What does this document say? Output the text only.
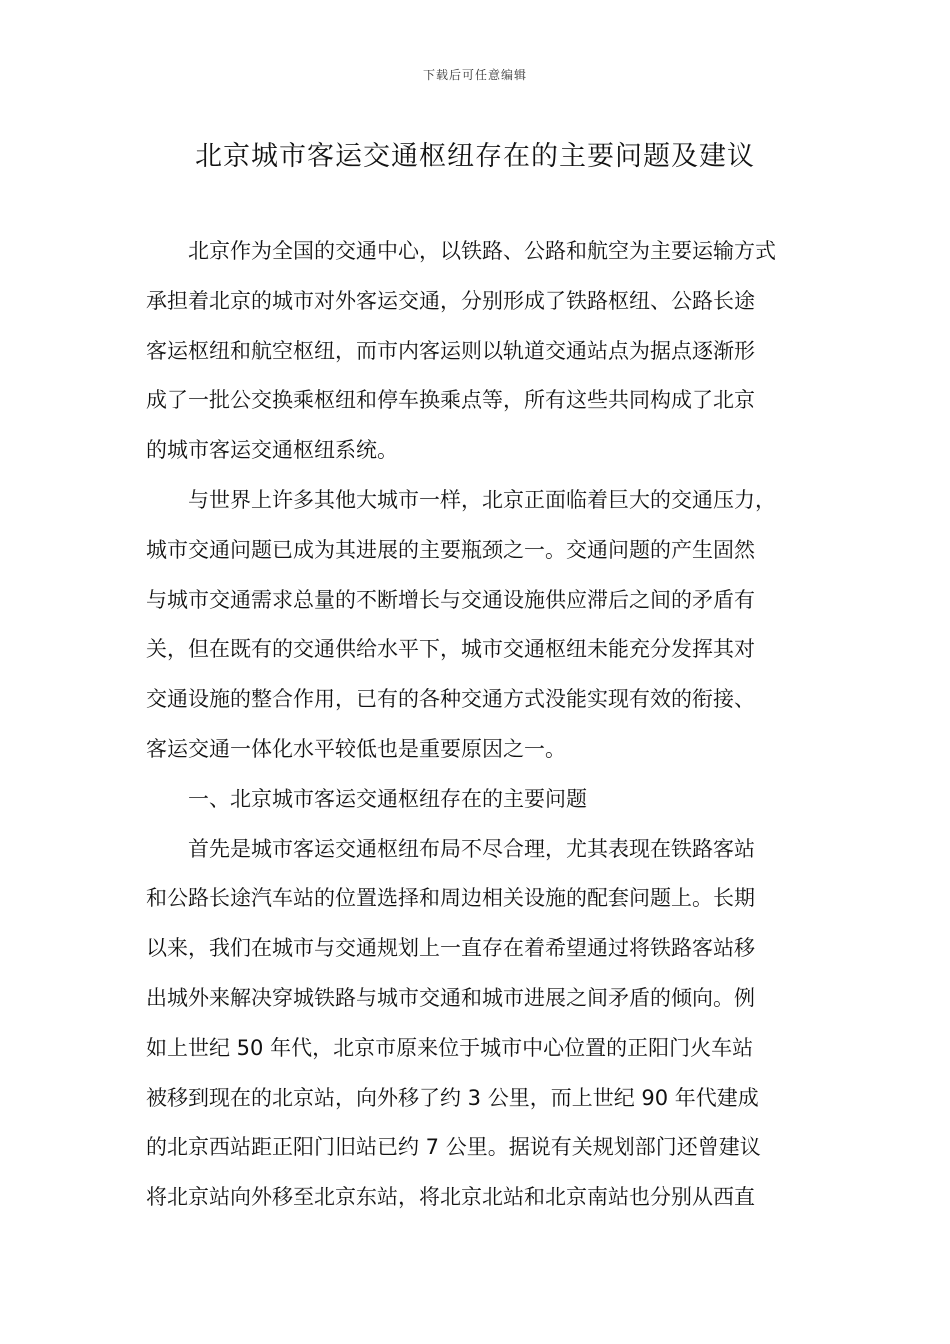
下载后可任意编辑
北京城市客运交通枢纽存在的主要问题及建议
北京作为全国的交通中心，以铁路、公路和航空为主要运输方式
承担着北京的城市对外客运交通，分别形成了铁路枢纽、公路长途
客运枢纽和航空枢纽，而市内客运则以轨道交通站点为据点逐渐形
成了一批公交换乘枢纽和停车换乘点等，所有这些共同构成了北京
的城市客运交通枢纽系统。
与世界上许多其他大城市一样，北京正面临着巨大的交通压力，
城市交通问题已成为其进展的主要瓶颈之一。交通问题的产生固然
与城市交通需求总量的不断增长与交通设施供应滞后之间的矛盾有
关，但在既有的交通供给水平下，城市交通枢纽未能充分发挥其对
交通设施的整合作用，已有的各种交通方式没能实现有效的衔接、
客运交通一体化水平较低也是重要原因之一。
一、北京城市客运交通枢纽存在的主要问题
首先是城市客运交通枢纽布局不尽合理，尤其表现在铁路客站
和公路长途汽车站的位置选择和周边相关设施的配套问题上。长期
以来，我们在城市与交通规划上一直存在着希望通过将铁路客站移
出城外来解决穿城铁路与城市交通和城市进展之间矛盾的倾向。例
如上世纪 50 年代，北京市原来位于城市中心位置的正阳门火车站
被移到现在的北京站，向外移了约 3 公里，而上世纪 90 年代建成
的北京西站距正阳门旧站已约 7 公里。据说有关规划部门还曾建议
将北京站向外移至北京东站，将北京北站和北京南站也分别从西直
